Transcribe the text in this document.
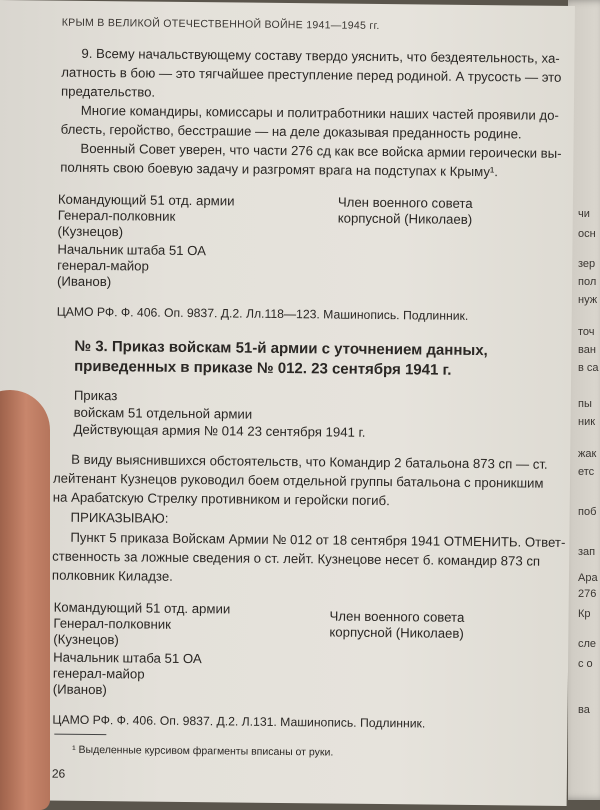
чи
осн
зер
пол
нуж
точ
ван
в са
пы
ник
жак
етс
поб
зап
Ара
276
Кр
сле
с о
ва
КРЫМ В ВЕЛИКОЙ ОТЕЧЕСТВЕННОЙ ВОЙНЕ 1941—1945 гг.
9. Всему начальствующему составу твердо уяснить, что бездеятельность, ха-
латность в бою — это тягчайшее преступление перед родиной. А трусость — это
предательство.
Многие командиры, комиссары и политработники наших частей проявили до-
блесть, геройство, бесстрашие — на деле доказывая преданность родине.
Военный Совет уверен, что части 276 сд как все войска армии героически вы-
полнять свою боевую задачу и разгромят врага на подступах к Крыму¹.
Командующий 51 отд. армии
Генерал-полковник
(Кузнецов)
Начальник штаба 51 ОА
генерал-майор
(Иванов)
Член военного совета
корпусной (Николаев)
ЦАМО РФ. Ф. 406. Оп. 9837. Д.2. Лл.118—123. Машинопись. Подлинник.
№ 3. Приказ войскам 51-й армии с уточнением данных,
приведенных в приказе № 012. 23 сентября 1941 г.
Приказ
войскам 51 отдельной армии
Действующая армия № 014 23 сентября 1941 г.
В виду выяснившихся обстоятельств, что Командир 2 батальона 873 сп — ст.
лейтенант Кузнецов руководил боем отдельной группы батальона с проникшим
на Арабатскую Стрелку противником и геройски погиб.
ПРИКАЗЫВАЮ:
Пункт 5 приказа Войскам Армии № 012 от 18 сентября 1941 ОТМЕНИТЬ. Ответ-
ственность за ложные сведения о ст. лейт. Кузнецове несет б. командир 873 сп
полковник Киладзе.
Командующий 51 отд. армии
Генерал-полковник
(Кузнецов)
Начальник штаба 51 ОА
генерал-майор
(Иванов)
Член военного совета
корпусной (Николаев)
ЦАМО РФ. Ф. 406. Оп. 9837. Д.2. Л.131. Машинопись. Подлинник.
¹ Выделенные курсивом фрагменты вписаны от руки.
26
